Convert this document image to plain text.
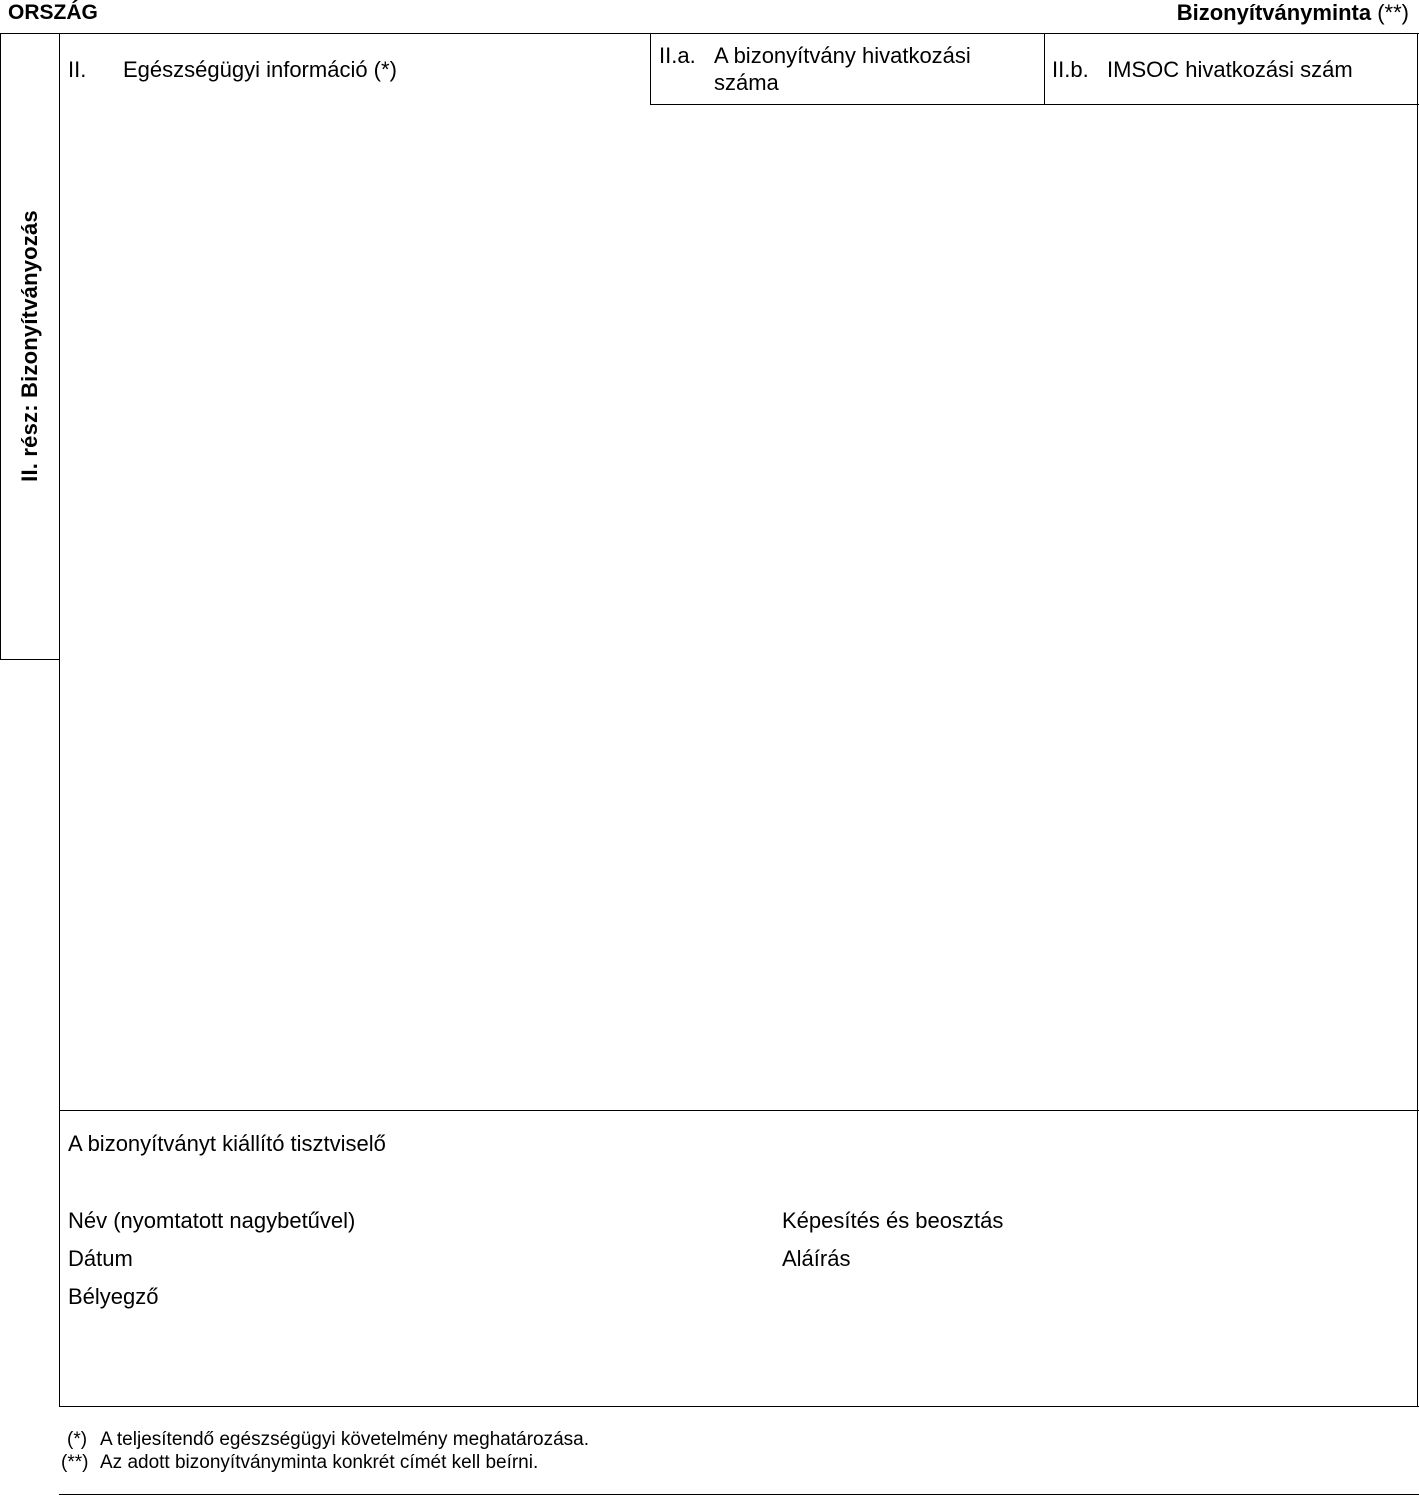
ORSZÁG	Bizonyítványminta (**)
II. rész: Bizonyítványozás
II. Egészségügyi információ (*)
II.a. A bizonyítvány hivatkozási
száma
II.b. IMSOC hivatkozási szám
A bizonyítványt kiállító tisztviselő
Név (nyomtatott nagybetűvel)	Képesítés és beosztás
Dátum	Aláírás
Bélyegző
(*) A teljesítendő egészségügyi követelmény meghatározása.
(**) Az adott bizonyítványminta konkrét címét kell beírni.
